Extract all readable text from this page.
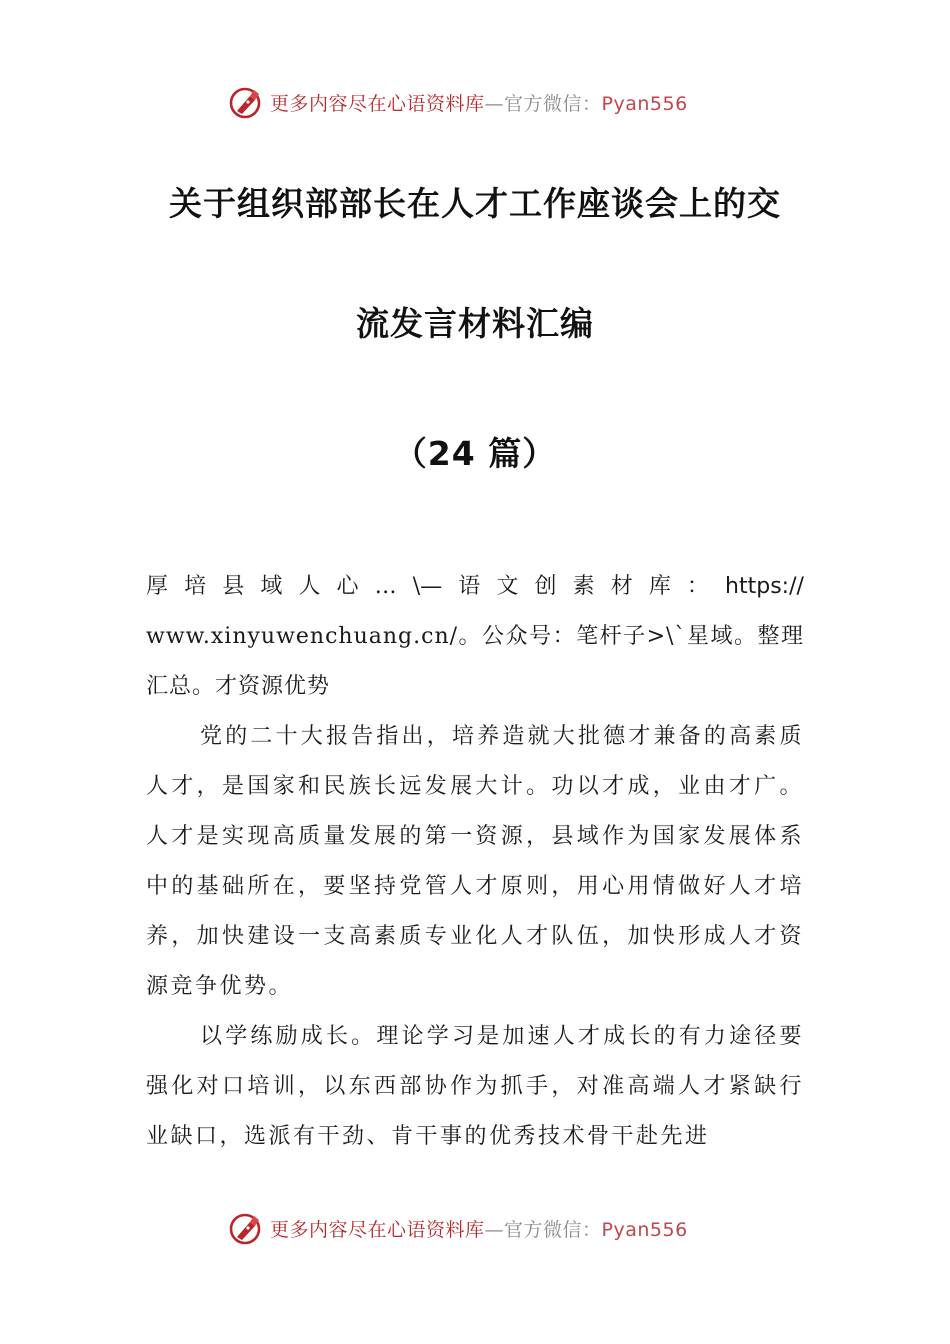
更多内容尽在心语资料库—官方微信：Pyan556
关于组织部部长在人才工作座谈会上的交
流发言材料汇编
（24 篇）
厚 培 县 域 人 心 … \— 语 文 创 素 材 库 ： https://

www.xinyuwenchuang.cn/。公众号：笔杆子>\`星域。整理汇总。才资源优势

党的二十大报告指出，培养造就大批德才兼备的高素质人才，是国家和民族长远发展大计。功以才成，业由才广。人才是实现高质量发展的第一资源，县域作为国家发展体系中的基础所在，要坚持党管人才原则，用心用情做好人才培养，加快建设一支高素质专业化人才队伍，加快形成人才资源竞争优势。

以学练励成长。理论学习是加速人才成长的有力途径要强化对口培训，以东西部协作为抓手，对准高端人才紧缺行业缺口，选派有干劲、肯干事的优秀技术骨干赴先进

更多内容尽在心语资料库—官方微信：Pyan556
